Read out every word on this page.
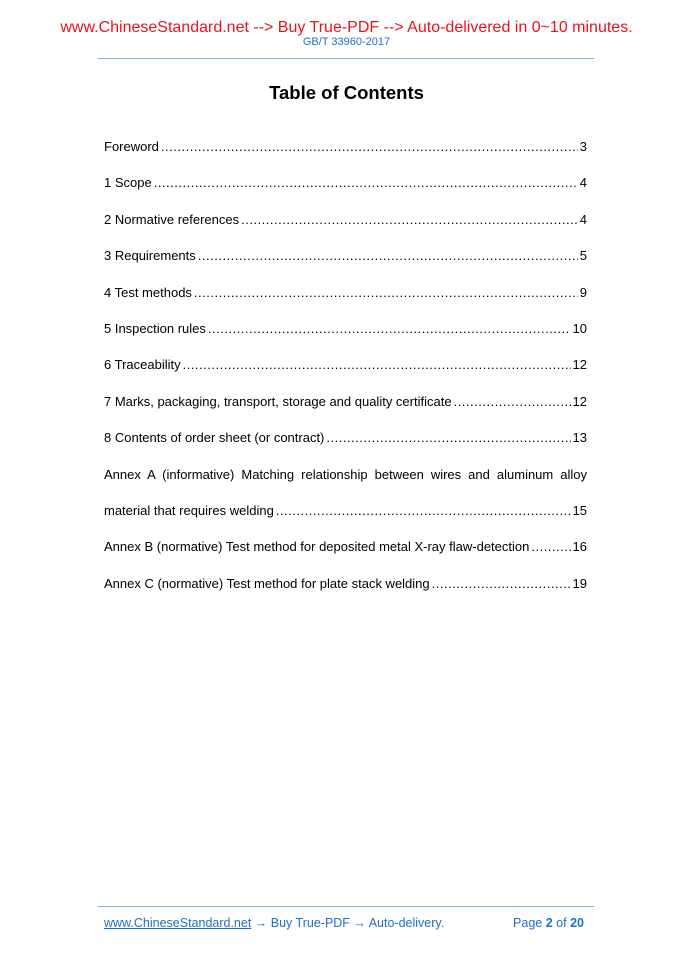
www.ChineseStandard.net --> Buy True-PDF --> Auto-delivered in 0~10 minutes.
GB/T 33960-2017
Table of Contents
Foreword .....	3
1 Scope .....	4
2 Normative references .....	4
3 Requirements .....	5
4 Test methods .....	9
5 Inspection rules .....	10
6 Traceability .....	12
7 Marks, packaging, transport, storage and quality certificate .....	12
8 Contents of order sheet (or contract) .....	13
Annex A (informative) Matching relationship between wires and aluminum alloy
material that requires welding .....	15
Annex B (normative) Test method for deposited metal X-ray flaw-detection .....	16
Annex C (normative) Test method for plate stack welding .....	19
www.ChineseStandard.net → Buy True-PDF → Auto-delivery.	Page 2 of 20
